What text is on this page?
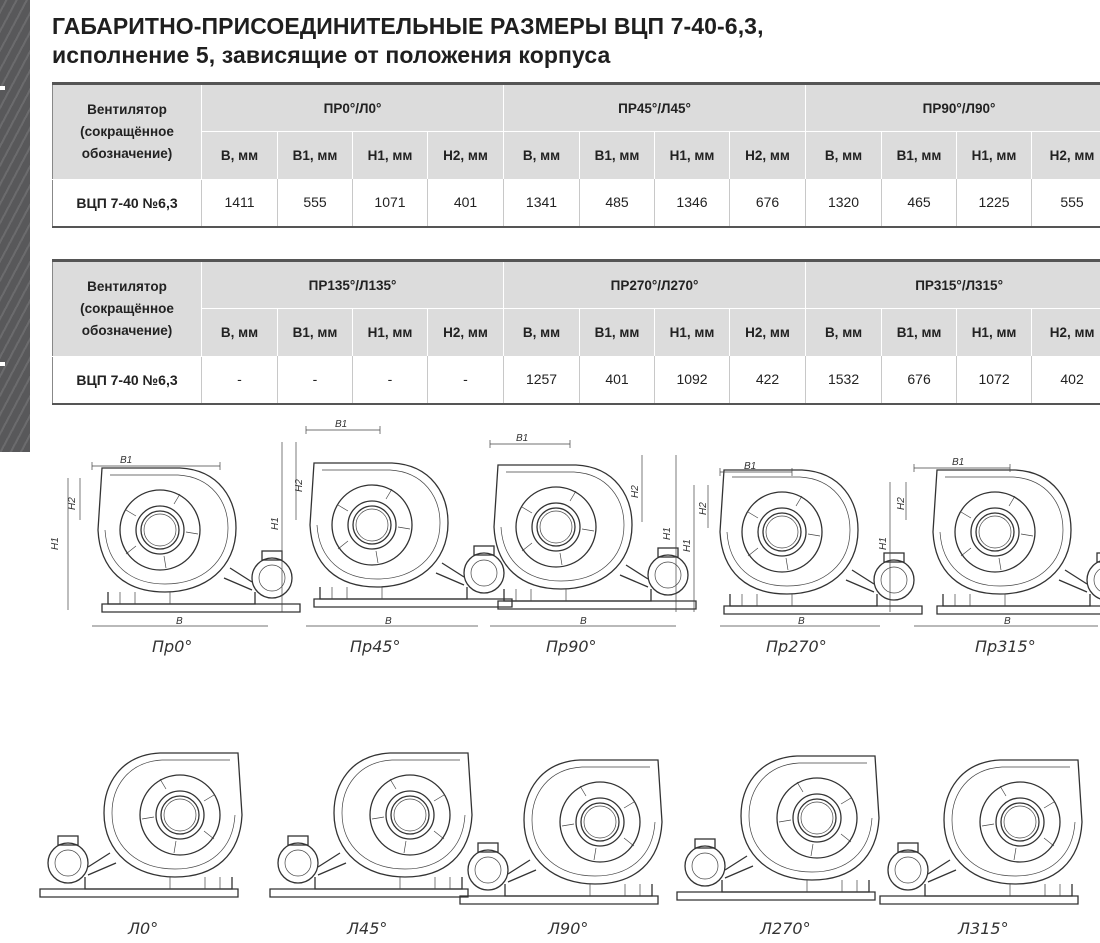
ГАБАРИТНО-ПРИСОЕДИНИТЕЛЬНЫЕ РАЗМЕРЫ ВЦП 7-40-6,3,
исполнение 5, зависящие от положения корпуса
Вентилятор
(сокращённое
обозначение)	ПР0°/Л0°				ПР45°/Л45°				ПР90°/Л90°			
	B, мм	B1, мм	H1, мм	H2, мм	B, мм	B1, мм	H1, мм	H2, мм	B, мм	B1, мм	H1, мм	H2, мм
ВЦП 7-40 №6,3	1411	555	1071	401	1341	485	1346	676	1320	465	1225	555
Вентилятор
(сокращённое
обозначение)	ПР135°/Л135°				ПР270°/Л270°				ПР315°/Л315°			
	B, мм	B1, мм	H1, мм	H2, мм	B, мм	B1, мм	H1, мм	H2, мм	B, мм	B1, мм	H1, мм	H2, мм
ВЦП 7-40 №6,3	-	-	-	-	1257	401	1092	422	1532	676	1072	402
B1
H1
H2
B
Пр0°
B1
H1
H2
B
Пр45°
B1
H2
H1
B
Пр90°
B1
H1
H2
B
Пр270°
B1
H1
H2
B
Пр315°
Л0°	Л45°	Л90°	Л270°	Л315°
